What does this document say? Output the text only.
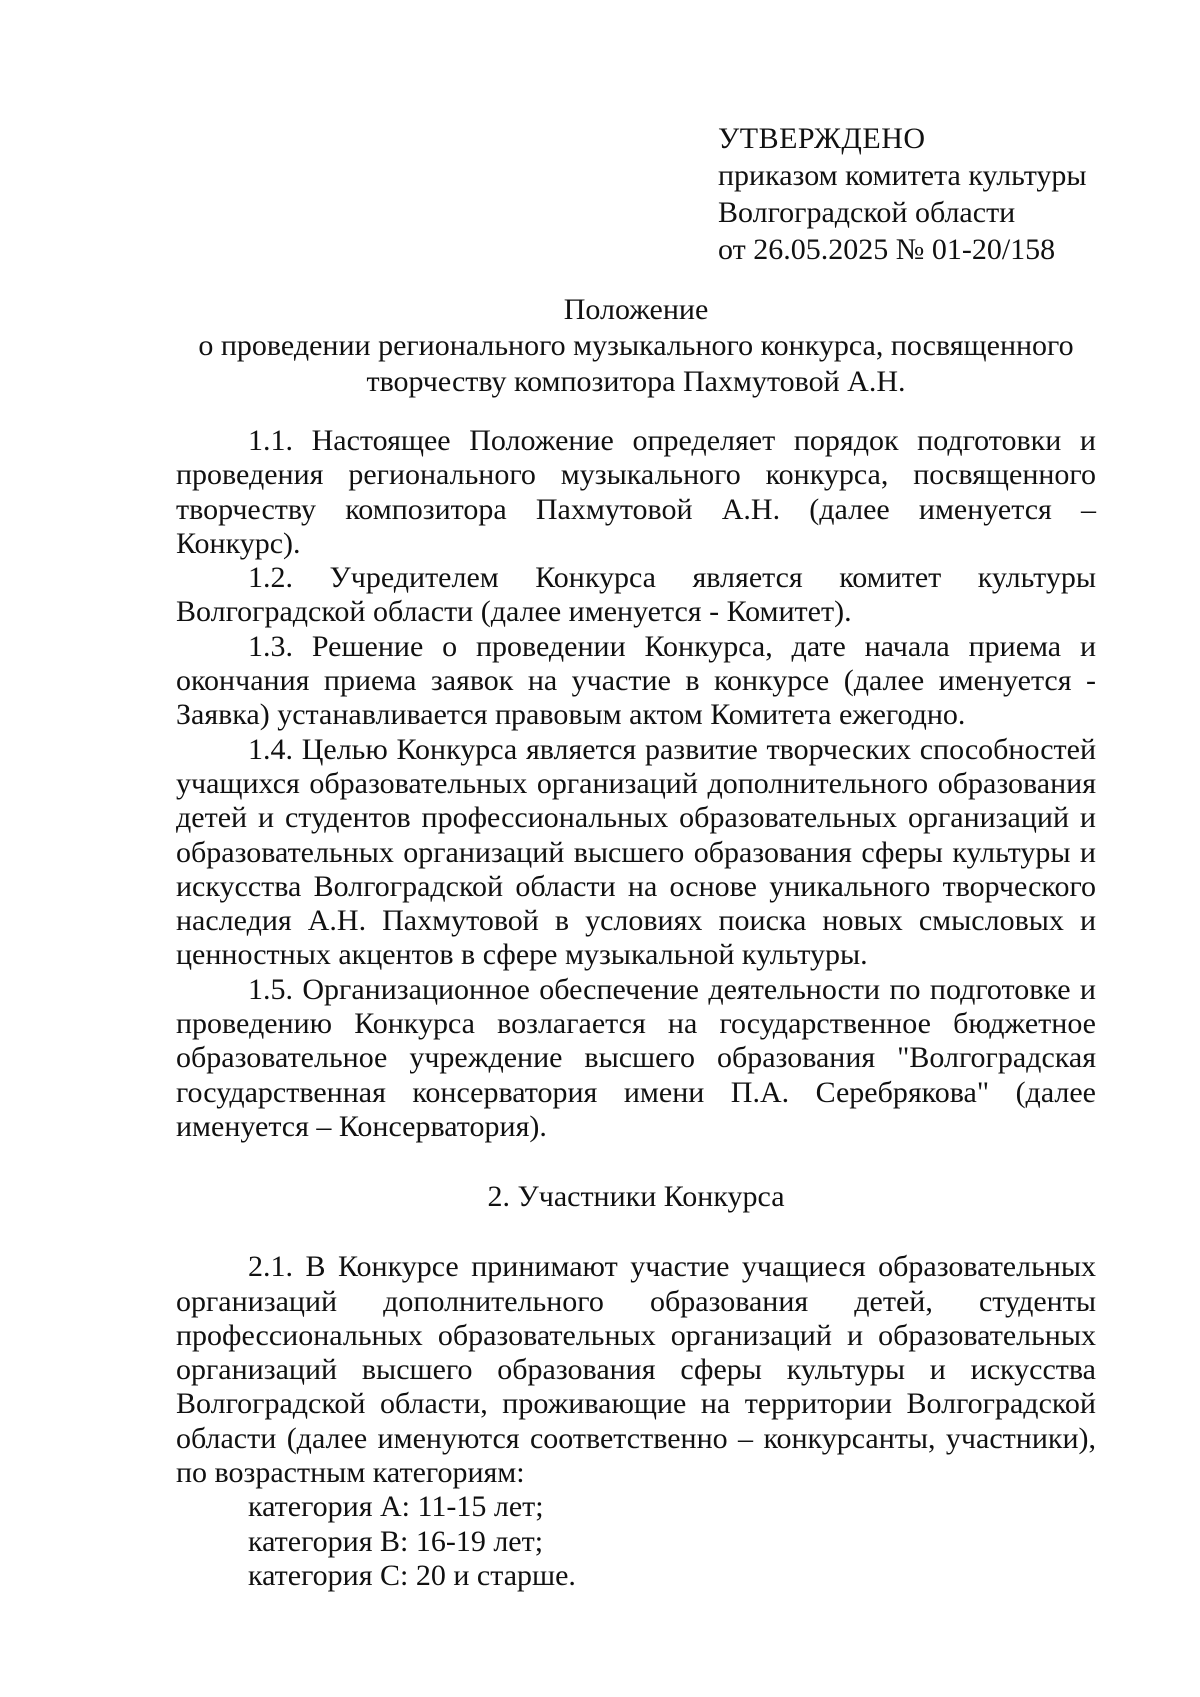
УТВЕРЖДЕНО
приказом комитета культуры
Волгоградской области
от 26.05.2025 № 01-20/158
Положение
о проведении регионального музыкального конкурса, посвященного
творчеству композитора Пахмутовой А.Н.

1.1. Настоящее Положение определяет порядок подготовки и проведения регионального музыкального конкурса, посвященного творчеству композитора Пахмутовой А.Н. (далее именуется – Конкурс).

1.2. Учредителем Конкурса является комитет культуры Волгоградской области (далее именуется - Комитет).

1.3. Решение о проведении Конкурса, дате начала приема и окончания приема заявок на участие в конкурсе (далее именуется - Заявка) устанавливается правовым актом Комитета ежегодно.

1.4. Целью Конкурса является развитие творческих способностей учащихся образовательных организаций дополнительного образования детей и студентов профессиональных образовательных организаций и образовательных организаций высшего образования сферы культуры и искусства Волгоградской области на основе уникального творческого наследия А.Н. Пахмутовой в условиях поиска новых смысловых и ценностных акцентов в сфере музыкальной культуры.

1.5. Организационное обеспечение деятельности по подготовке и проведению Конкурса возлагается на государственное бюджетное образовательное учреждение высшего образования "Волгоградская государственная консерватория имени П.А. Серебрякова" (далее именуется – Консерватория).

2. Участники Конкурса

2.1. В Конкурсе принимают участие учащиеся образовательных организаций дополнительного образования детей, студенты профессиональных образовательных организаций и образовательных организаций высшего образования сферы культуры и искусства Волгоградской области, проживающие на территории Волгоградской области (далее именуются соответственно – конкурсанты, участники), по возрастным категориям:

категория A: 11-15 лет;
категория B: 16-19 лет;
категория C: 20 и старше.
